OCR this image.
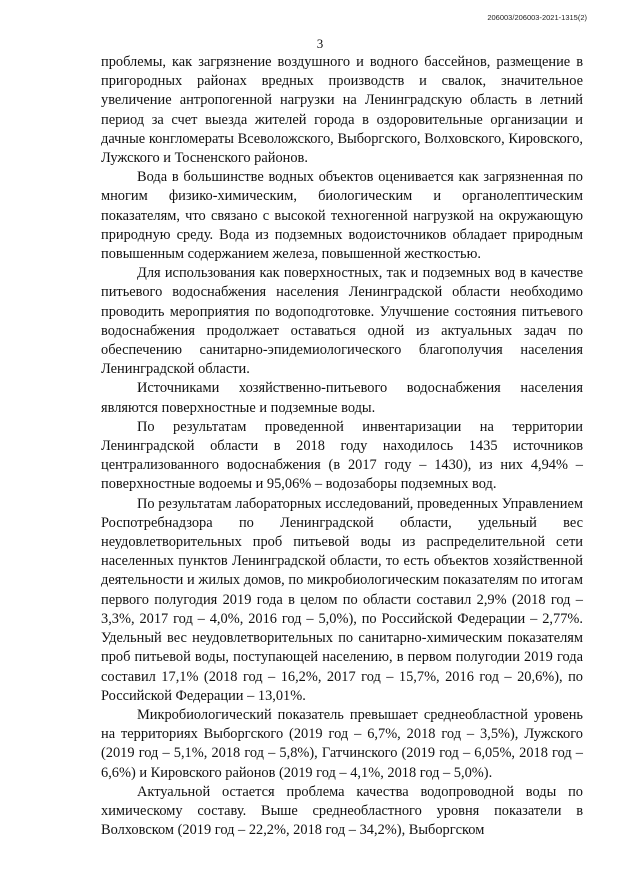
206003/206003-2021-1315(2)
3

проблемы, как загрязнение воздушного и водного бассейнов, размещение в пригородных районах вредных производств и свалок, значительное увеличение антропогенной нагрузки на Ленинградскую область в летний период за счет выезда жителей города в оздоровительные организации и дачные конгломераты Всеволожского, Выборгского, Волховского, Кировского, Лужского и Тосненского районов.

Вода в большинстве водных объектов оценивается как загрязненная по многим физико-химическим, биологическим и органолептическим показателям, что связано с высокой техногенной нагрузкой на окружающую природную среду. Вода из подземных водоисточников обладает природным повышенным содержанием железа, повышенной жесткостью.

Для использования как поверхностных, так и подземных вод в качестве питьевого водоснабжения населения Ленинградской области необходимо проводить мероприятия по водоподготовке. Улучшение состояния питьевого водоснабжения продолжает оставаться одной из актуальных задач по обеспечению санитарно-эпидемиологического благополучия населения Ленинградской области.

Источниками хозяйственно-питьевого водоснабжения населения являются поверхностные и подземные воды.

По результатам проведенной инвентаризации на территории Ленинградской области в 2018 году находилось 1435 источников централизованного водоснабжения (в 2017 году – 1430), из них 4,94% – поверхностные водоемы и 95,06% – водозаборы подземных вод.

По результатам лабораторных исследований, проведенных Управлением Роспотребнадзора по Ленинградской области, удельный вес неудовлетворительных проб питьевой воды из распределительной сети населенных пунктов Ленинградской области, то есть объектов хозяйственной деятельности и жилых домов, по микробиологическим показателям по итогам первого полугодия 2019 года в целом по области составил 2,9% (2018 год – 3,3%, 2017 год – 4,0%, 2016 год – 5,0%), по Российской Федерации – 2,77%. Удельный вес неудовлетворительных по санитарно-химическим показателям проб питьевой воды, поступающей населению, в первом полугодии 2019 года составил 17,1% (2018 год – 16,2%, 2017 год – 15,7%, 2016 год – 20,6%), по Российской Федерации – 13,01%.

Микробиологический показатель превышает среднеобластной уровень на территориях Выборгского (2019 год – 6,7%, 2018 год – 3,5%), Лужского (2019 год – 5,1%, 2018 год – 5,8%), Гатчинского (2019 год – 6,05%, 2018 год – 6,6%) и Кировского районов (2019 год – 4,1%, 2018 год – 5,0%).

Актуальной остается проблема качества водопроводной воды по химическому составу. Выше среднеобластного уровня показатели в Волховском (2019 год – 22,2%, 2018 год – 34,2%), Выборгском
